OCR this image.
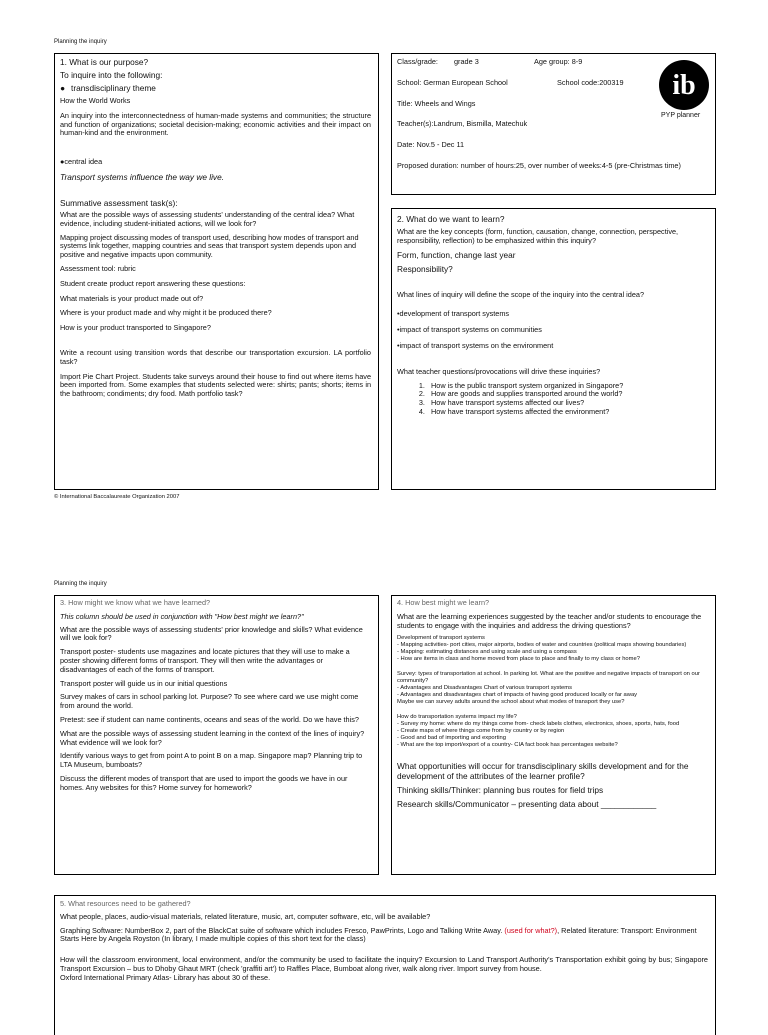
Planning the inquiry

1. What is our purpose?

To inquire into the following:

● transdisciplinary theme

How the World Works

An inquiry into the interconnectedness of human-made systems and communities; the structure and function of organizations; societal decision-making; economic activities and their impact on human-kind and the environment.

●central idea

Transport systems influence the way we live.

Summative assessment task(s):

What are the possible ways of assessing students' understanding of the central idea? What evidence, including student-initiated actions, will we look for?

Mapping project discussing modes of transport used, describing how modes of transport and systems link together, mapping countries and seas that transport system depends upon and positive and negative impacts upon community.

Assessment tool: rubric

Student create product report answering these questions:

What materials is your product made out of?

Where is your product made and why might it be produced there?

How is your product transported to Singapore?

Write a recount using transition words that describe our transportation excursion. LA portfolio task?

Import Pie Chart Project. Students take surveys around their house to find out where items have been imported from. Some examples that students selected were: shirts; pants; shorts; items in the bathroom; condiments; dry food. Math portfolio task?

Class/grade:	grade 3	Age group: 8-9
School: German European School	School code:200319

Title: Wheels and Wings

Teacher(s):Landrum, Bismilla, Matechuk

Date: Nov.5 - Dec 11

Proposed duration: number of hours:25, over number of weeks:4-5 (pre-Christmas time)

ib
PYP planner

2. What do we want to learn?

What are the key concepts (form, function, causation, change, connection, perspective, responsibility, reflection) to be emphasized within this inquiry?

Form, function, change last year

Responsibility?

What lines of inquiry will define the scope of the inquiry into the central idea?

•development of transport systems

•impact of transport systems on communities

•impact of transport systems on the environment

What teacher questions/provocations will drive these inquiries?

1. How is the public transport system organized in Singapore?
2. How are goods and supplies transported around the world?
3. How have transport systems affected our lives?
4. How have transport systems affected the environment?
© International Baccalaureate Organization 2007
Planning the inquiry

3. How might we know what we have learned?

This column should be used in conjunction with "How best might we learn?"

What are the possible ways of assessing students' prior knowledge and skills? What evidence will we look for?

Transport poster- students use magazines and locate pictures that they will use to make a poster showing different forms of transport. They will then write the advantages or disadvantages of each of the forms of transport.

Transport poster will guide us in our initial questions

Survey makes of cars in school parking lot. Purpose? To see where card we use might come from around the world.

Pretest: see if student can name continents, oceans and seas of the world. Do we have this?

What are the possible ways of assessing student learning in the context of the lines of inquiry? What evidence will we look for?

Identify various ways to get from point A to point B on a map. Singapore map? Planning trip to LTA Museum, bumboats?

Discuss the different modes of transport that are used to import the goods we have in our homes. Any websites for this? Home survey for homework?

4. How best might we learn?

What are the learning experiences suggested by the teacher and/or students to encourage the students to engage with the inquiries and address the driving questions?

Development of transport systems

- Mapping activities- port cities, major airports, bodies of water and countries (political maps showing boundaries)

- Mapping: estimating distances and using scale and using a compass

- How are items in class and home moved from place to place and finally to my class or home?

Survey: types of transportation at school. In parking lot. What are the positive and negative impacts of transport on our community?

- Advantages and Disadvantages Chart of various transport systems

- Advantages and disadvantages chart of impacts of having good produced locally or far away

Maybe we can survey adults around the school about what modes of transport they use?

How do transportation systems impact my life?

- Survey my home: where do my things come from- check labels clothes, electronics, shoes, sports, hats, food

- Create maps of where things come from by country or by region

- Good and bad of importing and exporting

- What are the top import/export of a country- CIA fact book has percentages website?

What opportunities will occur for transdisciplinary skills development and for the development of the attributes of the learner profile?

Thinking skills/Thinker: planning bus routes for field trips

Research skills/Communicator – presenting data about ____________

5. What resources need to be gathered?

What people, places, audio-visual materials, related literature, music, art, computer software, etc, will be available?

Graphing Software: NumberBox 2, part of the BlackCat suite of software which includes Fresco, PawPrints, Logo and Talking Write Away. (used for what?), Related literature: Transport: Environment Starts Here by Angela Royston (In library, I made multiple copies of this short text for the class)

How will the classroom environment, local environment, and/or the community be used to facilitate the inquiry? Excursion to Land Transport Authority's Transportation exhibit going by bus; Singapore Transport Excursion – bus to Dhoby Ghaut MRT (check 'graffiti art') to Raffles Place, Bumboat along river, walk along river. Import survey from house.

Oxford International Primary Atlas- Library has about 30 of these.
